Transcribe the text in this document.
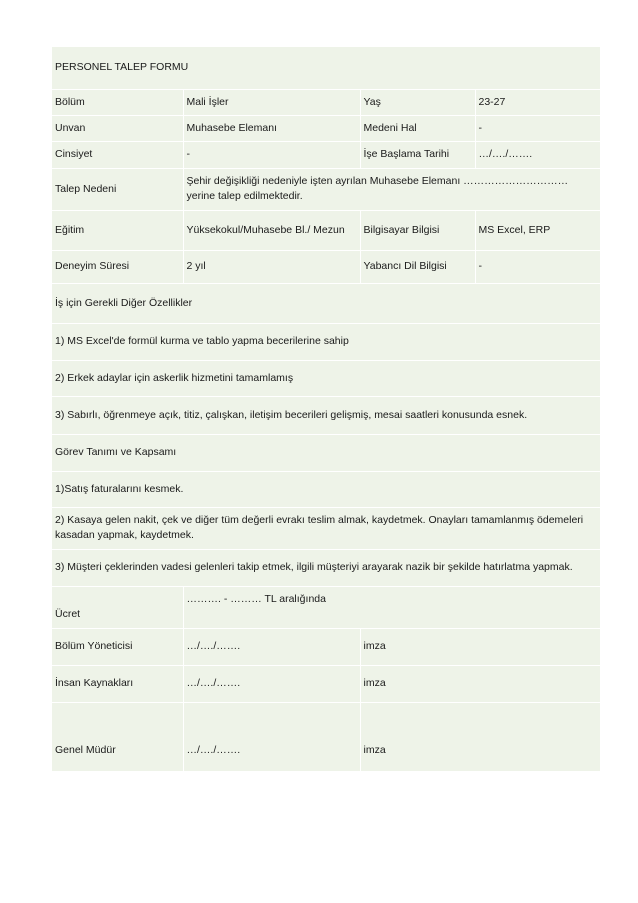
PERSONEL TALEP FORMU			
Bölüm	Mali İşler	Yaş	23-27
Unvan	Muhasebe Elemanı	Medeni Hal	-
Cinsiyet	-	İşe Başlama Tarihi	…/…./…….
Talep Nedeni	Şehir değişikliği nedeniyle işten ayrılan Muhasebe Elemanı ………………………… yerine talep edilmektedir.		
Eğitim	Yüksekokul/Muhasebe Bl./ Mezun	Bilgisayar Bilgisi	MS Excel, ERP
Deneyim Süresi	2 yıl	Yabancı Dil Bilgisi	-
İş için Gerekli Diğer Özellikler			
1) MS Excel'de formül kurma ve tablo yapma becerilerine sahip			
2) Erkek adaylar için askerlik hizmetini tamamlamış			
3) Sabırlı, öğrenmeye açık, titiz, çalışkan, iletişim becerileri gelişmiş, mesai saatleri konusunda esnek.			
Görev Tanımı ve Kapsamı			
1)Satış faturalarını kesmek.			
2) Kasaya gelen nakit, çek ve diğer tüm değerli evrakı teslim almak, kaydetmek. Onayları tamamlanmış ödemeleri kasadan yapmak, kaydetmek.			
3) Müşteri çeklerinden vadesi gelenleri takip etmek, ilgili müşteriyi arayarak nazik bir şekilde hatırlatma yapmak.			
Ücret	………. - ……… TL aralığında		
Bölüm Yöneticisi	…/…./…….	imza	
İnsan Kaynakları	…/…./…….	imza	
Genel Müdür	…/…./…….	imza	
